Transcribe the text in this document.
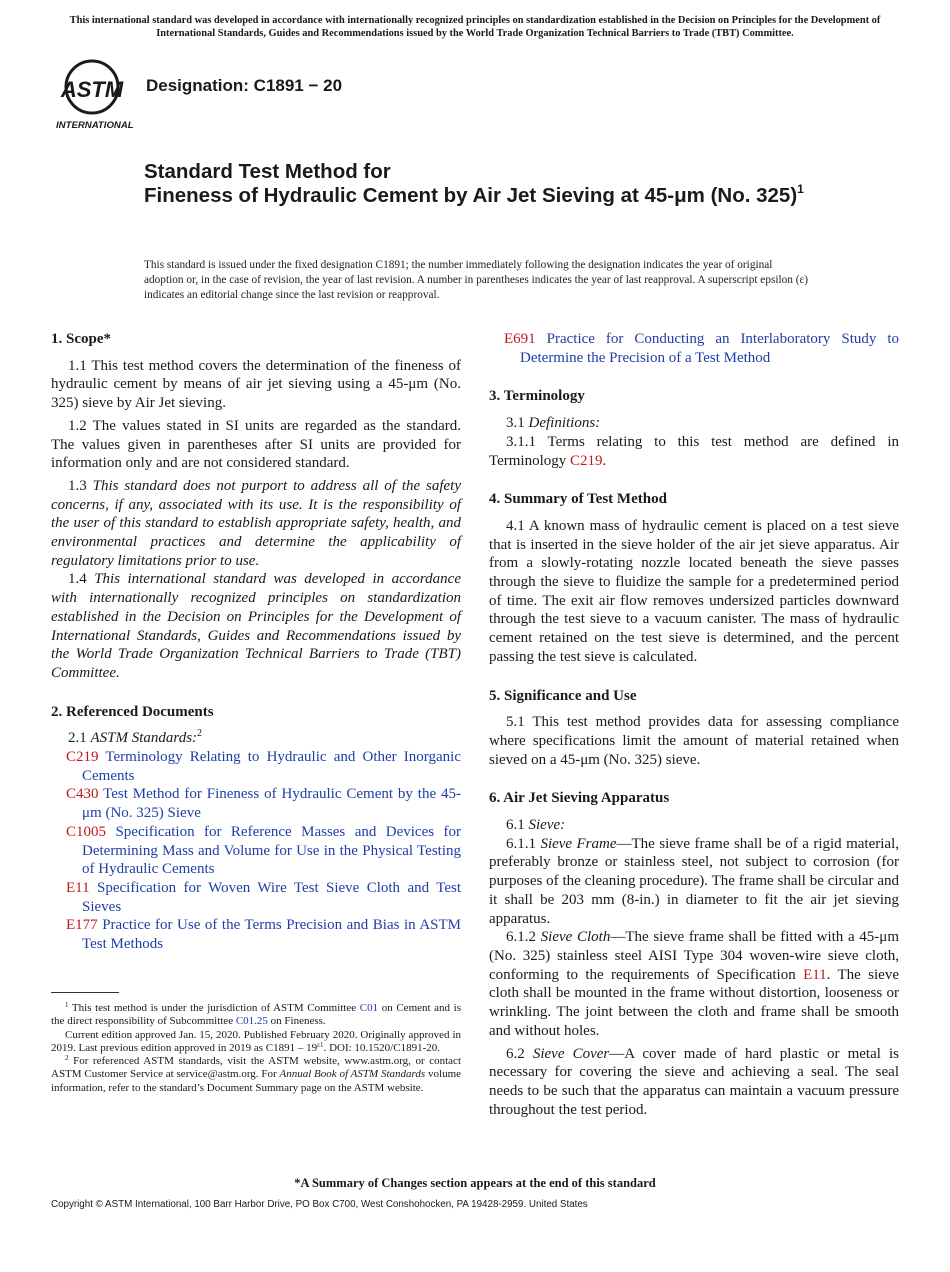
This international standard was developed in accordance with internationally recognized principles on standardization established in the Decision on Principles for the Development of International Standards, Guides and Recommendations issued by the World Trade Organization Technical Barriers to Trade (TBT) Committee.
ASTM
INTERNATIONAL
Designation: C1891 − 20
Standard Test Method for
Fineness of Hydraulic Cement by Air Jet Sieving at 45-μm (No. 325)$^1$
This standard is issued under the fixed designation C1891; the number immediately following the designation indicates the year of original adoption or, in the case of revision, the year of last revision. A number in parentheses indicates the year of last reapproval. A superscript epsilon (ε) indicates an editorial change since the last revision or reapproval.

1. Scope*

1.1 This test method covers the determination of the fineness of hydraulic cement by means of air jet sieving using a 45-μm (No. 325) sieve by Air Jet sieving.

1.2 The values stated in SI units are regarded as the standard. The values given in parentheses after SI units are provided for information only and are not considered standard.

1.3 This standard does not purport to address all of the safety concerns, if any, associated with its use. It is the responsibility of the user of this standard to establish appropriate safety, health, and environmental practices and determine the applicability of regulatory limitations prior to use.

1.4 This international standard was developed in accordance with internationally recognized principles on standardization established in the Decision on Principles for the Development of International Standards, Guides and Recommendations issued by the World Trade Organization Technical Barriers to Trade (TBT) Committee.

2. Referenced Documents

2.1 ASTM Standards:$^2$

C219 Terminology Relating to Hydraulic and Other Inorganic Cements

C430 Test Method for Fineness of Hydraulic Cement by the 45-μm (No. 325) Sieve

C1005 Specification for Reference Masses and Devices for Determining Mass and Volume for Use in the Physical Testing of Hydraulic Cements

E11 Specification for Woven Wire Test Sieve Cloth and Test Sieves

E177 Practice for Use of the Terms Precision and Bias in ASTM Test Methods

E691 Practice for Conducting an Interlaboratory Study to Determine the Precision of a Test Method

3. Terminology

3.1 Definitions:

3.1.1 Terms relating to this test method are defined in Terminology C219.

4. Summary of Test Method

4.1 A known mass of hydraulic cement is placed on a test sieve that is inserted in the sieve holder of the air jet sieve apparatus. Air from a slowly-rotating nozzle located beneath the sieve passes through the sieve to fluidize the sample for a predetermined period of time. The exit air flow removes undersized particles downward through the test sieve to a vacuum canister. The mass of hydraulic cement retained on the test sieve is determined, and the percent passing the test sieve is calculated.

5. Significance and Use

5.1 This test method provides data for assessing compliance where specifications limit the amount of material retained when sieved on a 45-μm (No. 325) sieve.

6. Air Jet Sieving Apparatus

6.1 Sieve:

6.1.1 Sieve Frame—The sieve frame shall be of a rigid material, preferably bronze or stainless steel, not subject to corrosion (for purposes of the cleaning procedure). The frame shall be circular and it shall be 203 mm (8-in.) in diameter to fit the air jet sieving apparatus.

6.1.2 Sieve Cloth—The sieve frame shall be fitted with a 45-μm (No. 325) stainless steel AISI Type 304 woven-wire sieve cloth, conforming to the requirements of Specification E11. The sieve cloth shall be mounted in the frame without distortion, looseness or wrinkling. The joint between the cloth and frame shall be smooth and without holes.

6.2 Sieve Cover—A cover made of hard plastic or metal is necessary for covering the sieve and achieving a seal. The seal needs to be such that the apparatus can maintain a vacuum pressure throughout the test period.

$^1$ This test method is under the jurisdiction of ASTM Committee C01 on Cement and is the direct responsibility of Subcommittee C01.25 on Fineness.

Current edition approved Jan. 15, 2020. Published February 2020. Originally approved in 2019. Last previous edition approved in 2019 as $C1891 - 19^{\varepsilon 1}$. DOI: 10.1520/C1891-20.

$^2$ For referenced ASTM standards, visit the ASTM website, www.astm.org, or contact ASTM Customer Service at service@astm.org. For Annual Book of ASTM Standards volume information, refer to the standard’s Document Summary page on the ASTM website.

*A Summary of Changes section appears at the end of this standard
Copyright © ASTM International, 100 Barr Harbor Drive, PO Box C700, West Conshohocken, PA 19428-2959. United States
